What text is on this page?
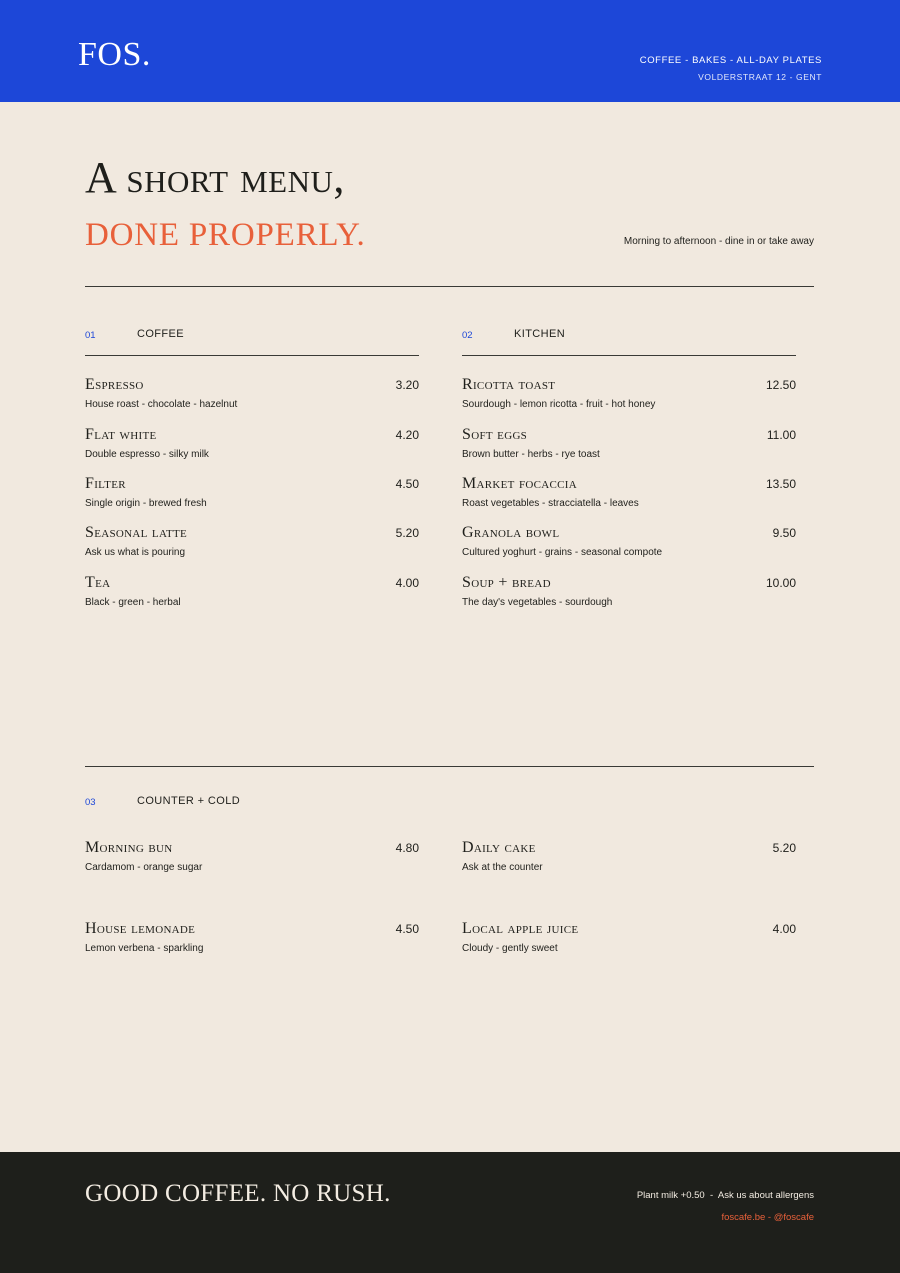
FOS.	COFFEE - BAKES - ALL-DAY PLATES
VOLDERSTRAAT 12 - GENT
A short menu,
DONE PROPERLY.	Morning to afternoon - dine in or take away
01	COFFEE
Espresso	3.20
House roast - chocolate - hazelnut
Flat white	4.20
Double espresso - silky milk
Filter	4.50
Single origin - brewed fresh
Seasonal latte	5.20
Ask us what is pouring
Tea	4.00
Black - green - herbal
02	KITCHEN
Ricotta toast	12.50
Sourdough - lemon ricotta - fruit - hot honey
Soft eggs	11.00
Brown butter - herbs - rye toast
Market focaccia	13.50
Roast vegetables - stracciatella - leaves
Granola bowl	9.50
Cultured yoghurt - grains - seasonal compote
Soup + bread	10.00
The day's vegetables - sourdough
03	COUNTER + COLD
Morning bun	4.80
Cardamom - orange sugar
Daily cake	5.20
Ask at the counter
House lemonade	4.50
Lemon verbena - sparkling
Local apple juice	4.00
Cloudy - gently sweet
GOOD COFFEE. NO RUSH.	Plant milk +0.50  -  Ask us about allergens
foscafe.be - @foscafe
